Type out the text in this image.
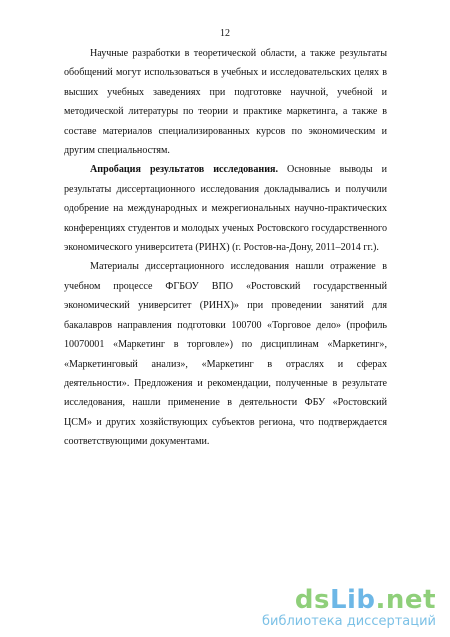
12

Научные разработки в теоретической области, а также результаты обобщений могут использоваться в учебных и исследовательских целях в высших учебных заведениях при подготовке научной, учебной и методической литературы по теории и практике маркетинга, а также в составе материалов специализированных курсов по экономическим и другим специальностям.

Апробация результатов исследования. Основные выводы и результаты диссертационного исследования докладывались и получили одобрение на международных и межрегиональных научно-практических конференциях студентов и молодых ученых Ростовского государственного экономического университета (РИНХ) (г. Ростов-на-Дону, 2011–2014 гг.).

Материалы диссертационного исследования нашли отражение в учебном процессе ФГБОУ ВПО «Ростовский государственный экономический университет (РИНХ)» при проведении занятий для бакалавров направления подготовки 100700 «Торговое дело» (профиль 10070001 «Маркетинг в торговле») по дисциплинам «Маркетинг», «Маркетинговый анализ», «Маркетинг в отраслях и сферах деятельности». Предложения и рекомендации, полученные в результате исследования, нашли применение в деятельности ФБУ «Ростовский ЦСМ» и других хозяйствующих субъектов региона, что подтверждается соответствующими документами.

dsLib.net
библиотека диссертаций
